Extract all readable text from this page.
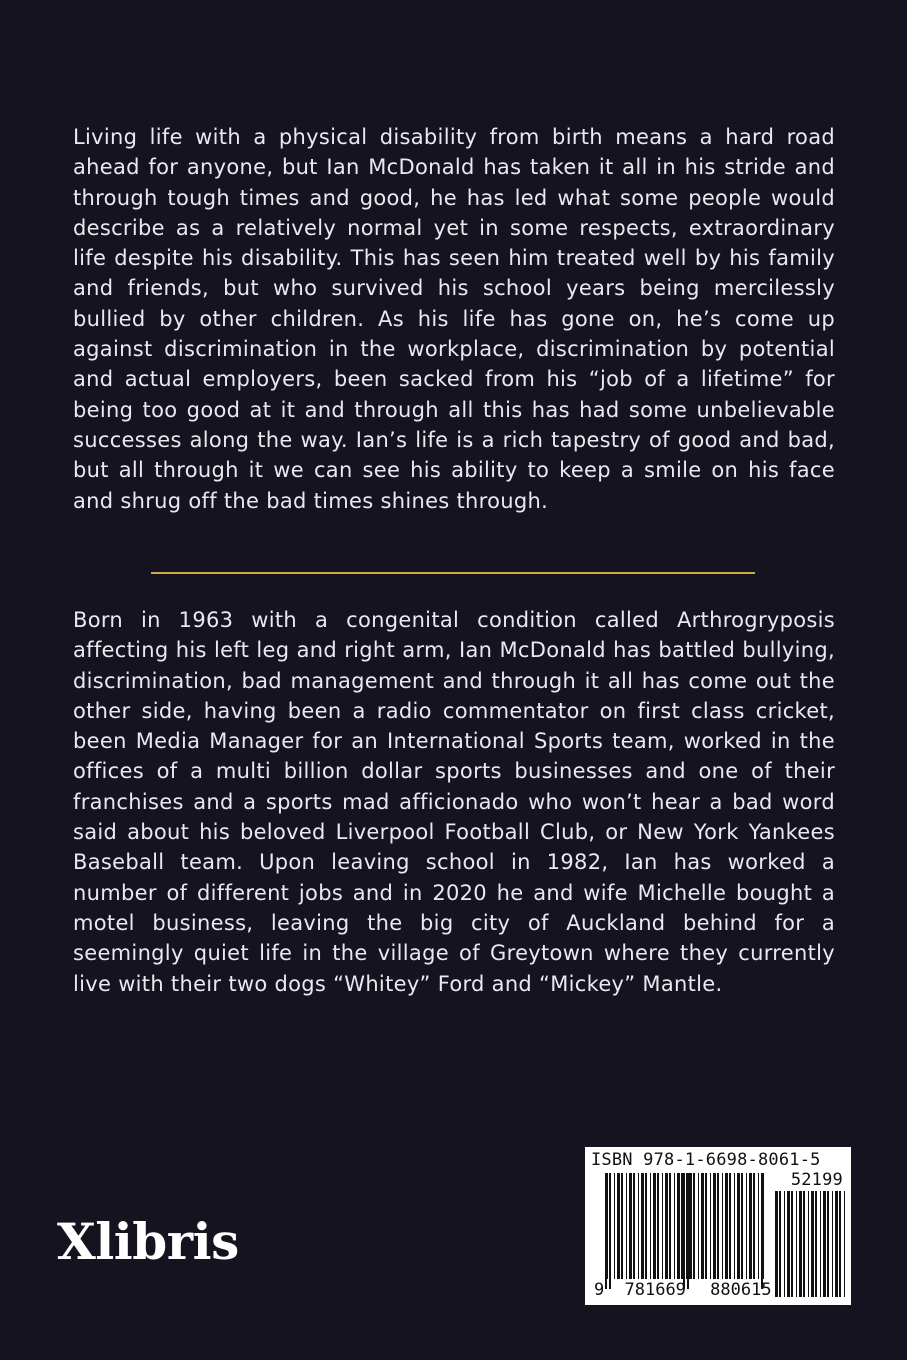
Living life with a physical disability from birth means a hard road ahead for anyone, but Ian McDonald has taken it all in his stride and through tough times and good, he has led what some people would describe as a relatively normal yet in some respects, extraordinary life despite his disability. This has seen him treated well by his family and friends, but who survived his school years being mercilessly bullied by other children. As his life has gone on, he’s come up against discrimination in the workplace, discrimination by potential and actual employers, been sacked from his “job of a lifetime” for being too good at it and through all this has had some unbelievable successes along the way. Ian’s life is a rich tapestry of good and bad, but all through it we can see his ability to keep a smile on his face and shrug off the bad times shines through.

Born in 1963 with a congenital condition called Arthrogryposis affecting his left leg and right arm, Ian McDonald has battled bullying, discrimination, bad management and through it all has come out the other side, having been a radio commentator on first class cricket, been Media Manager for an International Sports team, worked in the offices of a multi billion dollar sports businesses and one of their franchises and a sports mad afficionado who won’t hear a bad word said about his beloved Liverpool Football Club, or New York Yankees Baseball team. Upon leaving school in 1982, Ian has worked a number of different jobs and in 2020 he and wife Michelle bought a motel business, leaving the big city of Auckland behind for a seemingly quiet life in the village of Greytown where they currently live with their two dogs “Whitey” Ford and “Mickey” Mantle.

Xlibris
ISBN 978-1-6698-8061-5
52199
9 781669 880615
